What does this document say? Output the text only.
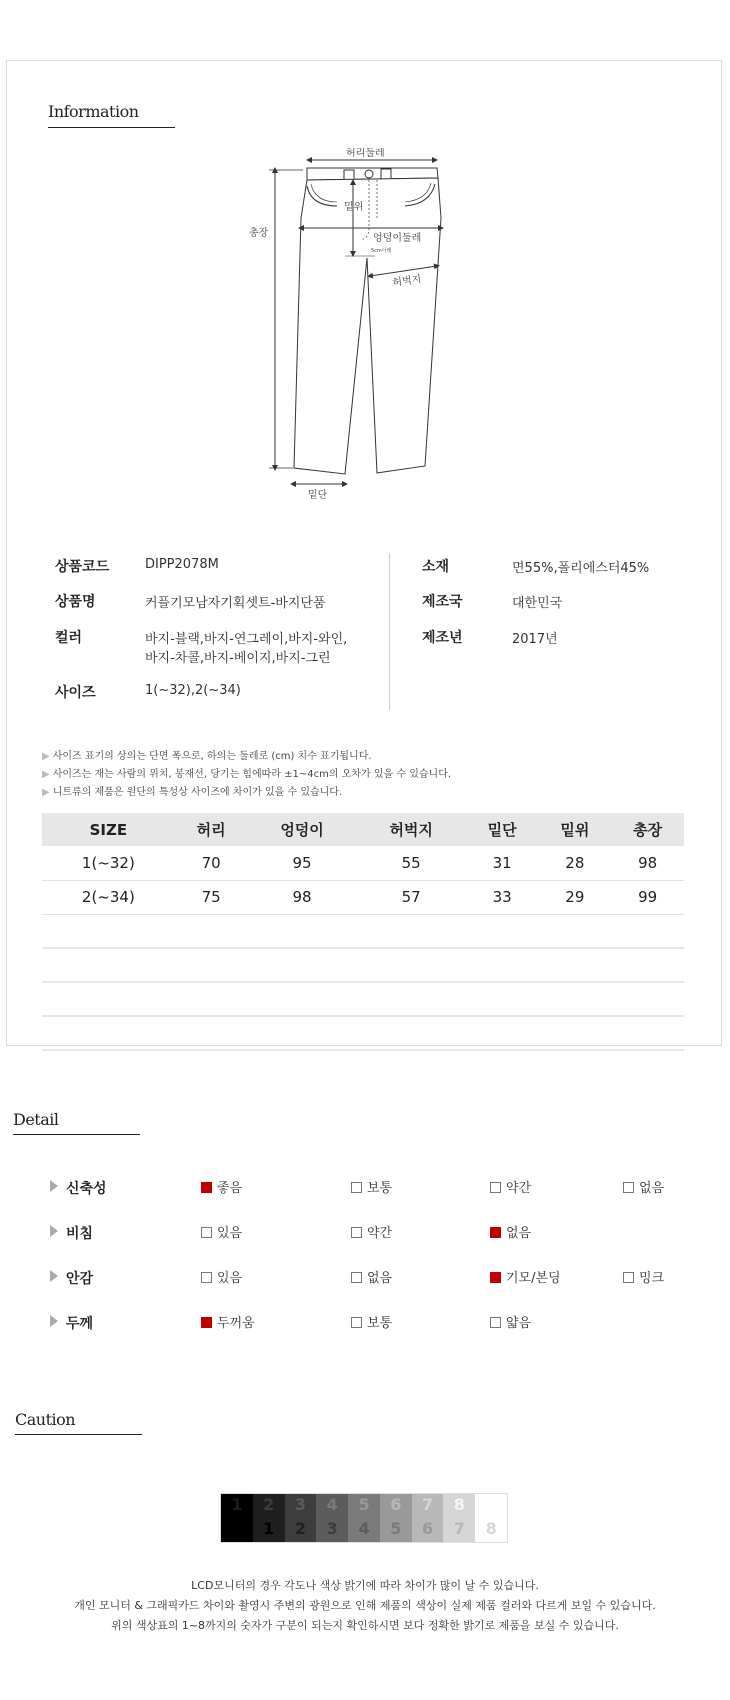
Information
허리둘레
총장
밑위
엉덩이둘레
허벅지
5cm아래
밑단
상품코드	DIPP2078M
상품명	커플기모남자기획셋트-바지단품
컬러	바지-블랙,바지-연그레이,바지-와인,
바지-차콜,바지-베이지,바지-그린
사이즈	1(~32),2(~34)
소재	면55%,폴리에스터45%
제조국	대한민국
제조년	2017년
▶ 사이즈 표기의 상의는 단면 폭으로, 하의는 둘레로 (cm) 치수 표기됩니다.
▶ 사이즈는 재는 사람의 위치, 봉재선, 당기는 힘에따라 ±1~4cm의 오차가 있을 수 있습니다.
▶ 니트류의 제품은 원단의 특성상 사이즈에 차이가 있을 수 있습니다.
SIZE	허리	엉덩이	허벅지	밑단	밑위	총장
1(~32)	70	95	55	31	28	98
2(~34)	75	98	57	33	29	99

Detail
신축성	좋음	보통	약간	없음
비침	있음	약간	없음
안감	있음	없음	기모/본딩	밍크
두께	두꺼움	보통	얇음
Caution
1	2
1
3
2
4
3
5
4
6
5
7
6
8
7	8
LCD모니터의 경우 각도나 색상 밝기에 따라 차이가 많이 날 수 있습니다.
개인 모니터 & 그래픽카드 차이와 촬영시 주변의 광원으로 인해 제품의 색상이 실제 제품 컬러와 다르게 보일 수 있습니다.
위의 색상표의 1~8까지의 숫자가 구분이 되는지 확인하시면 보다 정확한 밝기로 제품을 보실 수 있습니다.
